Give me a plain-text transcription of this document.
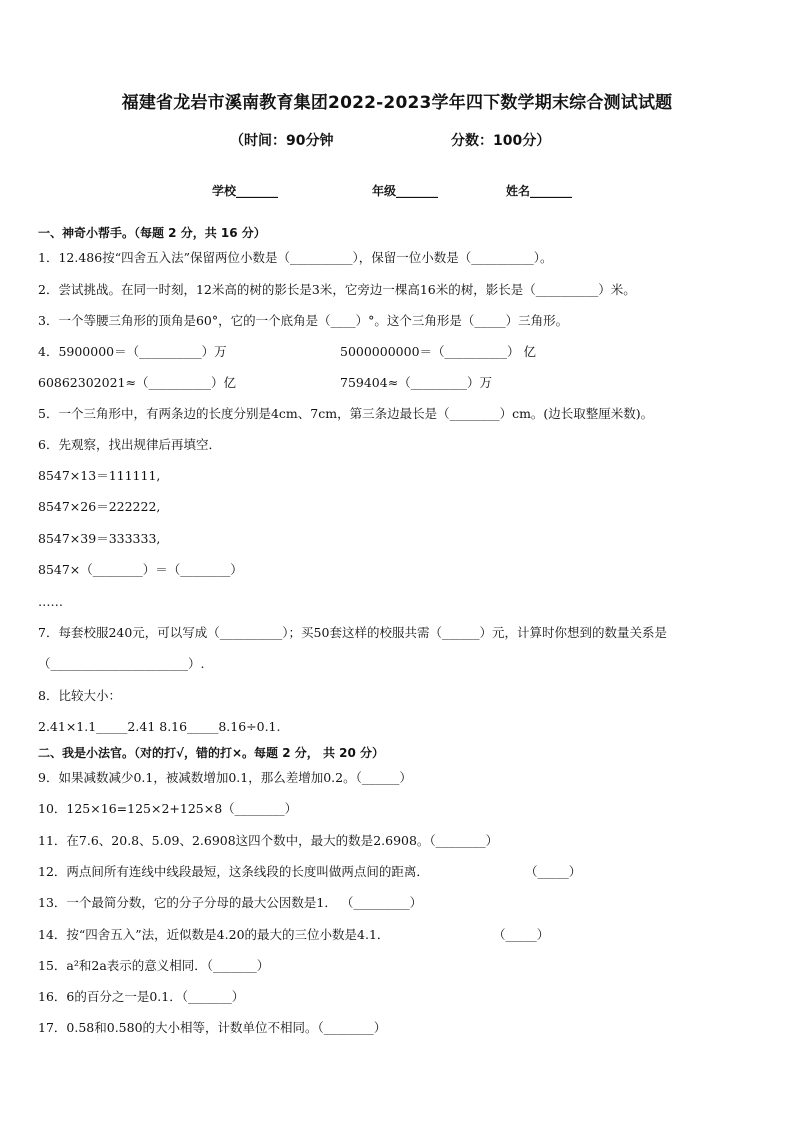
福建省龙岩市溪南教育集团2022-2023学年四下数学期末综合测试试题
（时间：90分钟	分数：100分）
学校_______	年级_______	姓名_______
一、神奇小帮手。（每题 2 分，共 16 分）
1．12.486按“四舍五入法”保留两位小数是（__________），保留一位小数是（__________）。
2．尝试挑战。在同一时刻，12米高的树的影长是3米，它旁边一棵高16米的树，影长是（__________）米。
3．一个等腰三角形的顶角是60°，它的一个底角是（____）°。这个三角形是（_____）三角形。
4．5900000＝（__________）万	5000000000＝（__________） 亿
60862302021≈（__________）亿	759404≈（_________）万
5．一个三角形中，有两条边的长度分别是4cm、7cm，第三条边最长是（________）cm。(边长取整厘米数)。
6．先观察，找出规律后再填空．
8547×13＝111111,
8547×26＝222222,
8547×39＝333333,
8547×（________）＝（________）
……
7．每套校服240元，可以写成（__________）；买50套这样的校服共需（______）元，计算时你想到的数量关系是
（______________________）.
8．比较大小：
2.41×1.1_____2.41 8.16_____8.16÷0.1.
二、我是小法官。（对的打√，错的打×。每题 2 分， 共 20 分）
9．如果减数减少0.1，被减数增加0.1，那么差增加0.2。（______）
10．125×16=125×2+125×8（________）
11．在7.6、20.8、5.09、2.6908这四个数中，最大的数是2.6908。（________）
12．两点间所有连线中线段最短，这条线段的长度叫做两点间的距离．	（_____）
13．一个最简分数，它的分子分母的最大公因数是1． （_________）
14．按“四舍五入”法，近似数是4.20的最大的三位小数是4.1．	（_____）
15．a²和2a表示的意义相同．（_______）
16．6的百分之一是0.1．（_______）
17．0.58和0.580的大小相等，计数单位不相同。（________）
